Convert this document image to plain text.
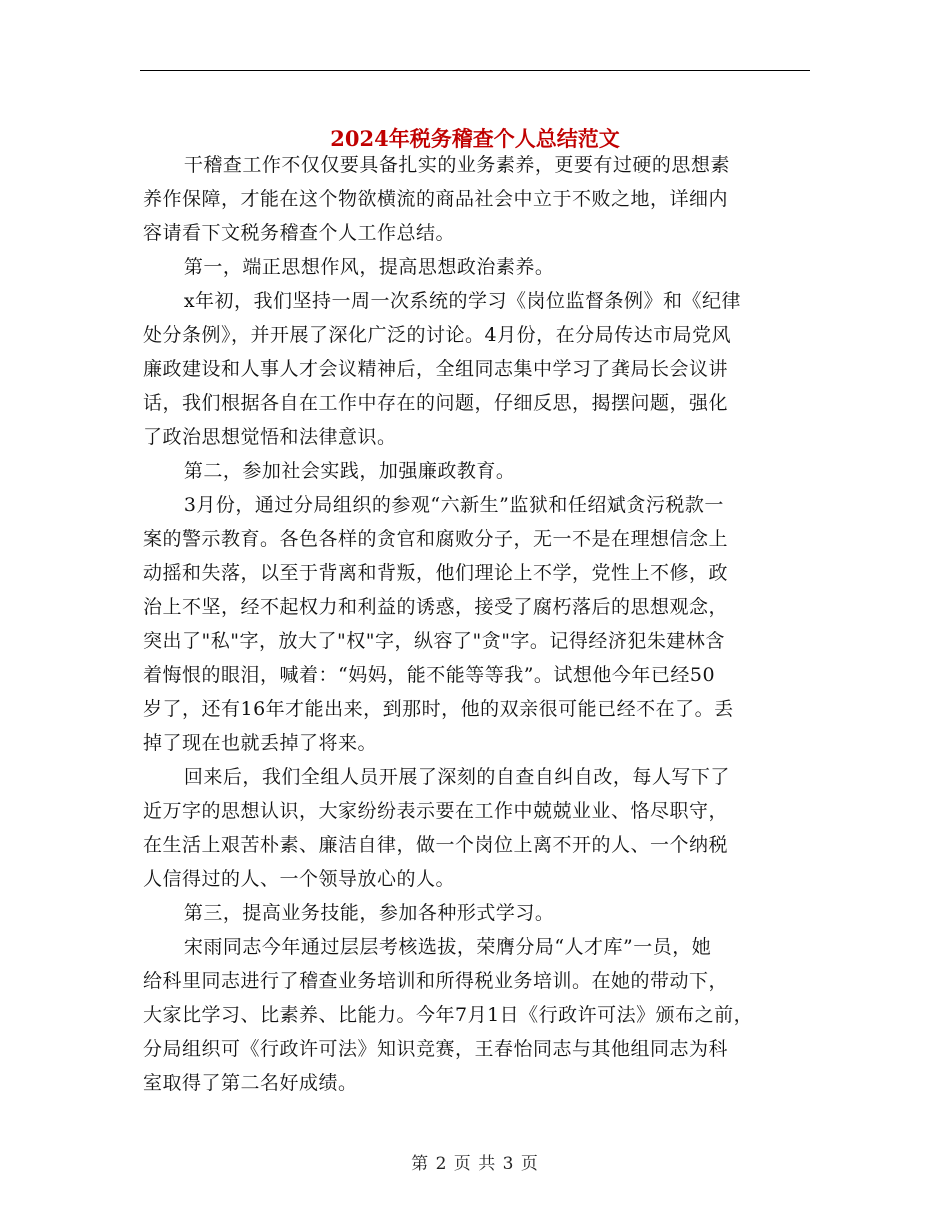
2024年税务稽查个人总结范文

干稽查工作不仅仅要具备扎实的业务素养，更要有过硬的思想素
养作保障，才能在这个物欲横流的商品社会中立于不败之地，详细内
容请看下文税务稽查个人工作总结。

第一，端正思想作风，提高思想政治素养。

x年初，我们坚持一周一次系统的学习《岗位监督条例》和《纪律
处分条例》，并开展了深化广泛的讨论。4月份，在分局传达市局党风
廉政建设和人事人才会议精神后，全组同志集中学习了龚局长会议讲
话，我们根据各自在工作中存在的问题，仔细反思，揭摆问题，强化
了政治思想觉悟和法律意识。

第二，参加社会实践，加强廉政教育。

3月份，通过分局组织的参观“六新生”监狱和任绍斌贪污税款一
案的警示教育。各色各样的贪官和腐败分子，无一不是在理想信念上
动摇和失落，以至于背离和背叛，他们理论上不学，党性上不修，政
治上不坚，经不起权力和利益的诱惑，接受了腐朽落后的思想观念，
突出了"私"字，放大了"权"字，纵容了"贪"字。记得经济犯朱建林含
着悔恨的眼泪，喊着：“妈妈，能不能等等我”。试想他今年已经50
岁了，还有16年才能出来，到那时，他的双亲很可能已经不在了。丢
掉了现在也就丢掉了将来。

回来后，我们全组人员开展了深刻的自查自纠自改，每人写下了
近万字的思想认识，大家纷纷表示要在工作中兢兢业业、恪尽职守，
在生活上艰苦朴素、廉洁自律，做一个岗位上离不开的人、一个纳税
人信得过的人、一个领导放心的人。

第三，提高业务技能，参加各种形式学习。

宋雨同志今年通过层层考核选拔，荣膺分局“人才库”一员，她
给科里同志进行了稽查业务培训和所得税业务培训。在她的带动下，
大家比学习、比素养、比能力。今年7月1日《行政许可法》颁布之前，
分局组织可《行政许可法》知识竞赛，王春怡同志与其他组同志为科
室取得了第二名好成绩。

第 2 页 共 3 页
